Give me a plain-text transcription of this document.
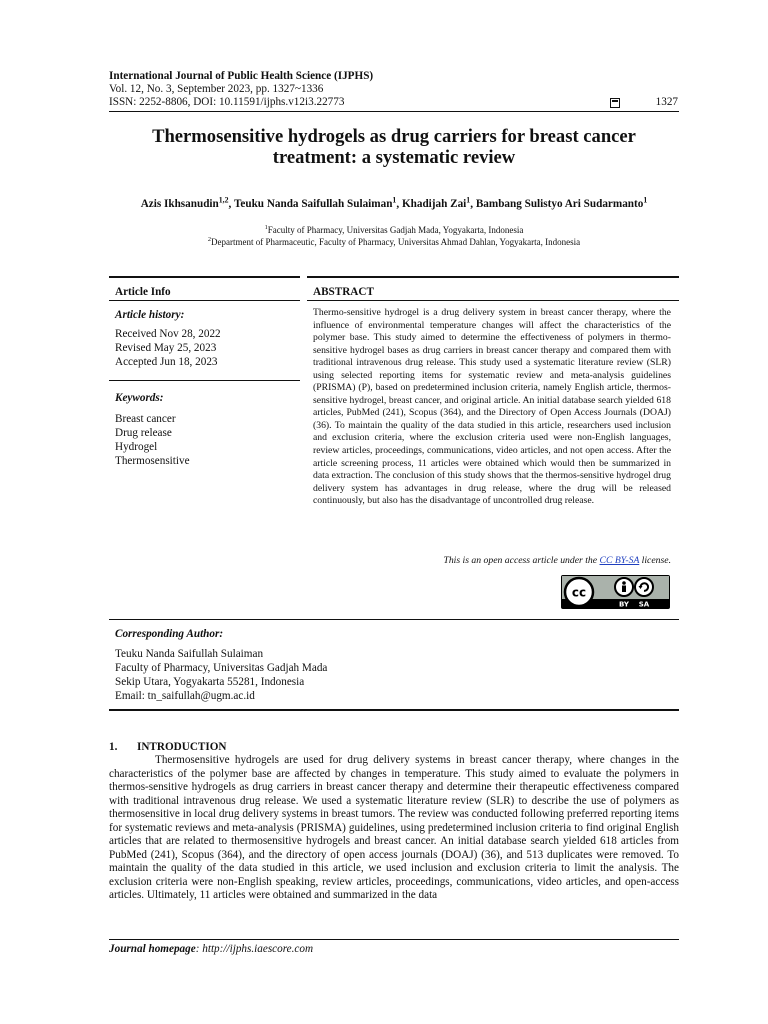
International Journal of Public Health Science (IJPHS)
Vol. 12, No. 3, September 2023, pp. 1327~1336
ISSN: 2252-8806, DOI: 10.11591/ijphs.v12i3.22773	1327
Thermosensitive hydrogels as drug carriers for breast cancer
treatment: a systematic review
Azis Ikhsanudin$^{1,2}$, Teuku Nanda Saifullah Sulaiman$^1$, Khadijah Zai$^1$, Bambang Sulistyo Ari Sudarmanto$^1$
$^1$Faculty of Pharmacy, Universitas Gadjah Mada, Yogyakarta, Indonesia
$^2$Department of Pharmaceutic, Faculty of Pharmacy, Universitas Ahmad Dahlan, Yogyakarta, Indonesia
Article Info	ABSTRACT
Article history:
Received Nov 28, 2022
Revised May 25, 2023
Accepted Jun 18, 2023
Keywords:
Breast cancer
Drug release
Hydrogel
Thermosensitive
Thermo-sensitive hydrogel is a drug delivery system in breast cancer therapy, where the influence of environmental temperature changes will affect the characteristics of the polymer base. This study aimed to determine the effectiveness of polymers in thermo-sensitive hydrogel bases as drug carriers in breast cancer therapy and compared them with traditional intravenous drug release. This study used a systematic literature review (SLR) using selected reporting items for systematic review and meta-analysis guidelines (PRISMA) (P), based on predetermined inclusion criteria, namely English article, thermos-sensitive hydrogel, breast cancer, and original article. An initial database search yielded 618 articles, PubMed (241), Scopus (364), and the Directory of Open Access Journals (DOAJ) (36). To maintain the quality of the data studied in this article, researchers used inclusion and exclusion criteria, where the exclusion criteria used were non-English languages, review articles, proceedings, communications, video articles, and not open access. After the article screening process, 11 articles were obtained which would then be summarized in data extraction. The conclusion of this study shows that the thermos-sensitive hydrogel drug delivery system has advantages in drug release, where the drug will be released continuously, but also has the disadvantage of uncontrolled drug release.
This is an open access article under the CC BY-SA license.
cc
BY SA
Corresponding Author:
Teuku Nanda Saifullah Sulaiman
Faculty of Pharmacy, Universitas Gadjah Mada
Sekip Utara, Yogyakarta 55281, Indonesia
Email: tn_saifullah@ugm.ac.id
1. INTRODUCTION
Thermosensitive hydrogels are used for drug delivery systems in breast cancer therapy, where changes in the characteristics of the polymer base are affected by changes in temperature. This study aimed to evaluate the polymers in thermos-sensitive hydrogels as drug carriers in breast cancer therapy and determine their therapeutic effectiveness compared with traditional intravenous drug release. We used a systematic literature review (SLR) to describe the use of polymers as thermosensitive in local drug delivery systems in breast tumors. The review was conducted following preferred reporting items for systematic reviews and meta-analysis (PRISMA) guidelines, using predetermined inclusion criteria to find original English articles that are related to thermosensitive hydrogels and breast cancer. An initial database search yielded 618 articles from PubMed (241), Scopus (364), and the directory of open access journals (DOAJ) (36), and 513 duplicates were removed. To maintain the quality of the data studied in this article, we used inclusion and exclusion criteria to limit the analysis. The exclusion criteria were non-English speaking, review articles, proceedings, communications, video articles, and open-access articles. Ultimately, 11 articles were obtained and summarized in the data
Journal homepage: http://ijphs.iaescore.com
